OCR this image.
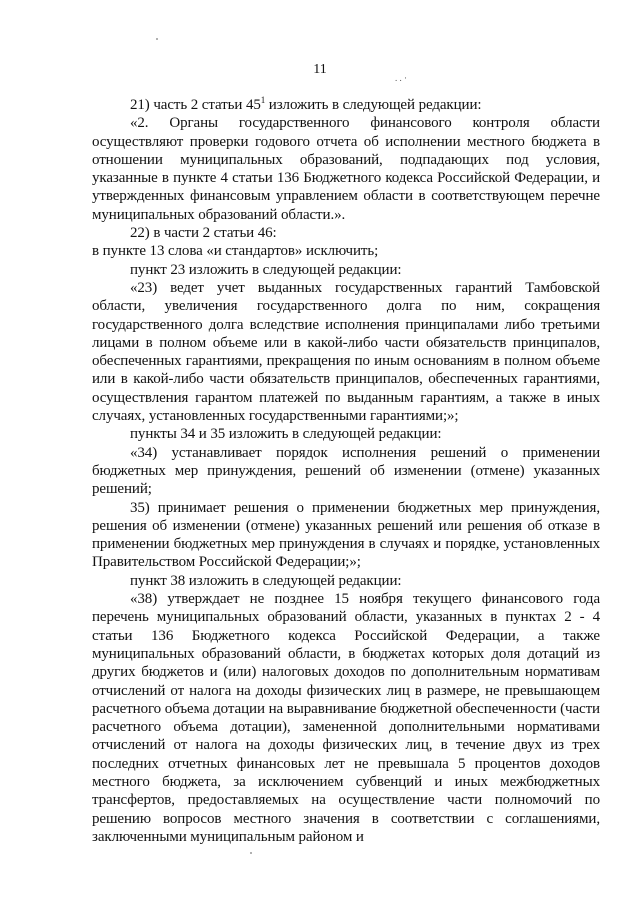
11
. . ·

21) часть 2 статьи $45^1$ изложить в следующей редакции:

«2. Органы государственного финансового контроля области осуществляют проверки годового отчета об исполнении местного бюджета в отношении муниципальных образований, подпадающих под условия, указанные в пункте 4 статьи 136 Бюджетного кодекса Российской Федерации, и утвержденных финансовым управлением области в соответствующем перечне муниципальных образований области.».

22) в части 2 статьи 46:

в пункте 13 слова «и стандартов» исключить;

пункт 23 изложить в следующей редакции:

«23) ведет учет выданных государственных гарантий Тамбовской области, увеличения государственного долга по ним, сокращения государственного долга вследствие исполнения принципалами либо третьими лицами в полном объеме или в какой-либо части обязательств принципалов, обеспеченных гарантиями, прекращения по иным основаниям в полном объеме или в какой-либо части обязательств принципалов, обеспеченных гарантиями, осуществления гарантом платежей по выданным гарантиям, а также в иных случаях, установленных государственными гарантиями;»;

пункты 34 и 35 изложить в следующей редакции:

«34) устанавливает порядок исполнения решений о применении бюджетных мер принуждения, решений об изменении (отмене) указанных решений;

35) принимает решения о применении бюджетных мер принуждения, решения об изменении (отмене) указанных решений или решения об отказе в применении бюджетных мер принуждения в случаях и порядке, установленных Правительством Российской Федерации;»;

пункт 38 изложить в следующей редакции:

«38) утверждает не позднее 15 ноября текущего финансового года перечень муниципальных образований области, указанных в пунктах 2 - 4 статьи 136 Бюджетного кодекса Российской Федерации, а также муниципальных образований области, в бюджетах которых доля дотаций из других бюджетов и (или) налоговых доходов по дополнительным нормативам отчислений от налога на доходы физических лиц в размере, не превышающем расчетного объема дотации на выравнивание бюджетной обеспеченности (части расчетного объема дотации), замененной дополнительными нормативами отчислений от налога на доходы физических лиц, в течение двух из трех последних отчетных финансовых лет не превышала 5 процентов доходов местного бюджета, за исключением субвенций и иных межбюджетных трансфертов, предоставляемых на осуществление части полномочий по решению вопросов местного значения в соответствии с соглашениями, заключенными муниципальным районом и
